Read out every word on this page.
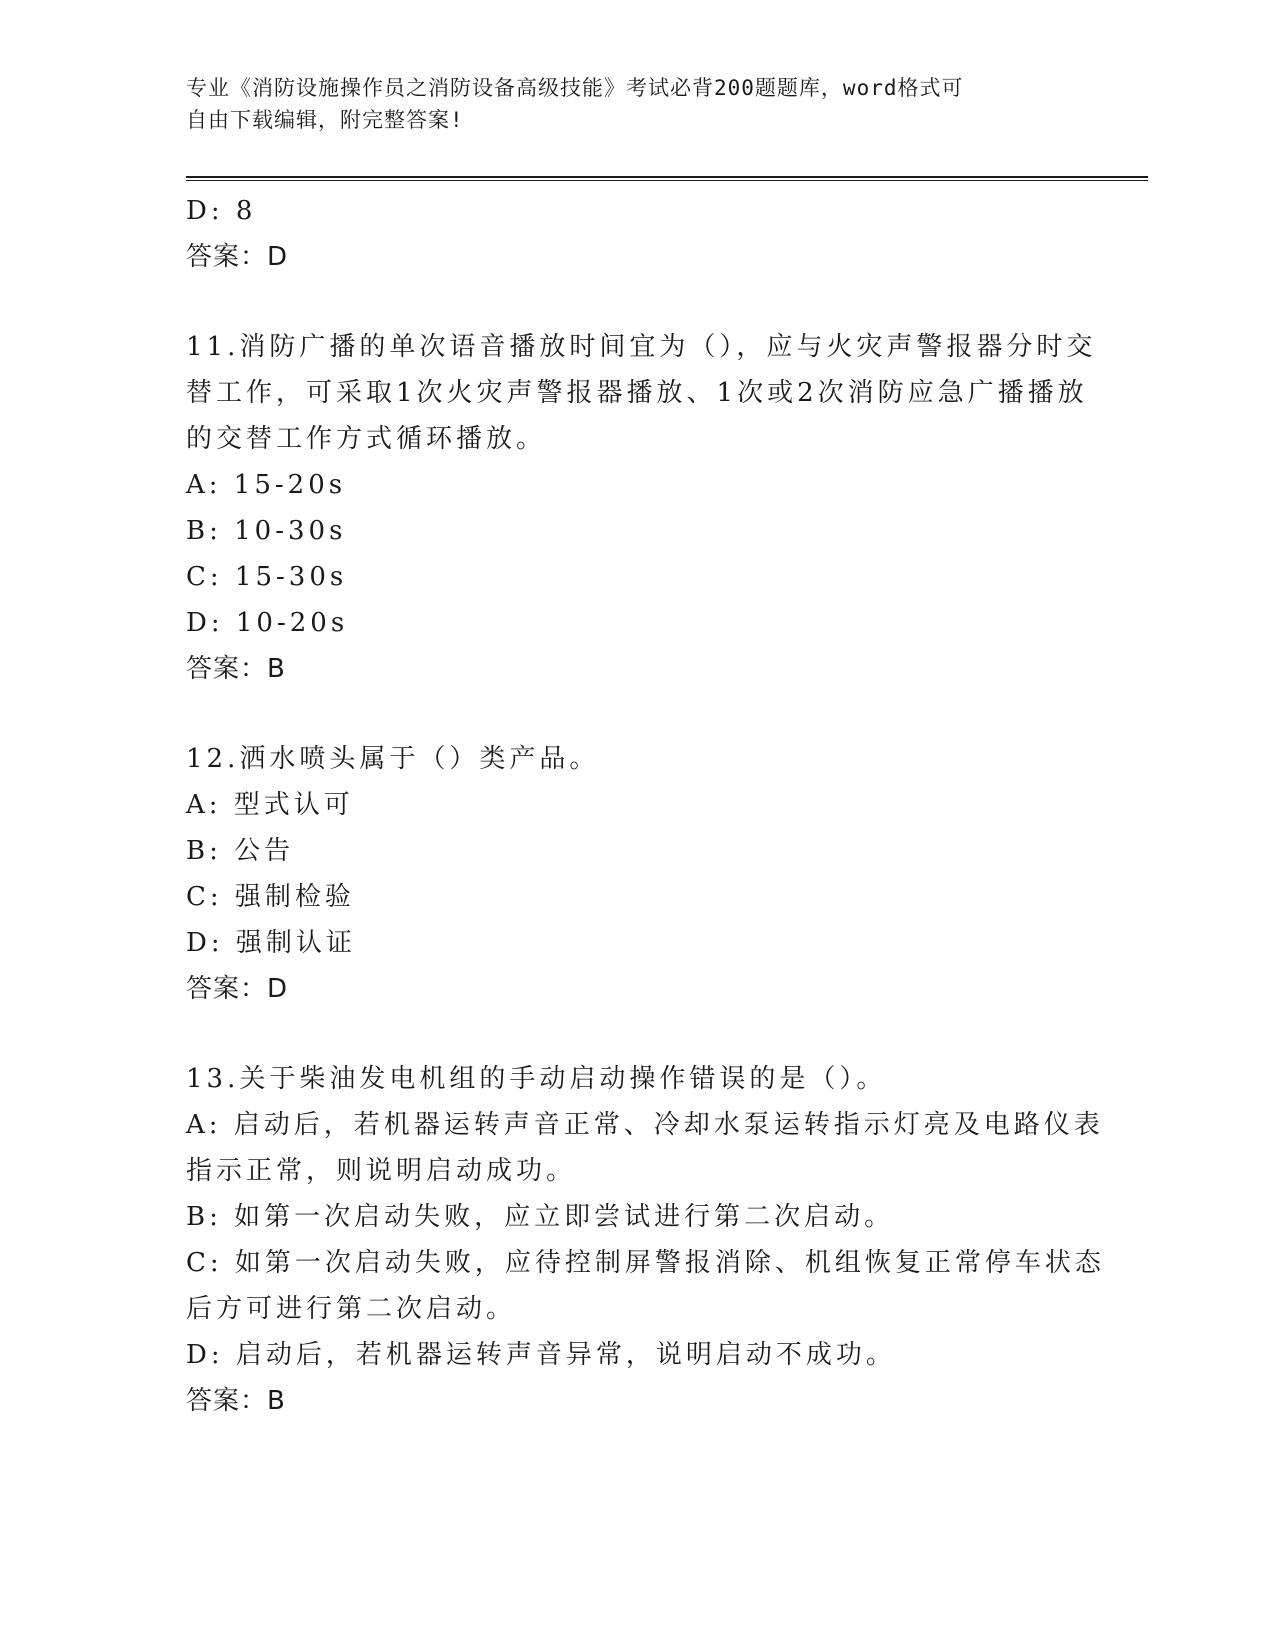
专业《消防设施操作员之消防设备高级技能》考试必背200题题库，word格式可
自由下载编辑，附完整答案!
D: 8
答案：D
11.消防广播的单次语音播放时间宜为（），应与火灾声警报器分时交
替工作，可采取1次火灾声警报器播放、1次或2次消防应急广播播放
的交替工作方式循环播放。
A: 15-20s
B: 10-30s
C: 15-30s
D: 10-20s
答案：B
12.洒水喷头属于（）类产品。
A: 型式认可
B: 公告
C: 强制检验
D: 强制认证
答案：D
13.关于柴油发电机组的手动启动操作错误的是（）。
A: 启动后，若机器运转声音正常、冷却水泵运转指示灯亮及电路仪表
指示正常，则说明启动成功。
B: 如第一次启动失败，应立即尝试进行第二次启动。
C: 如第一次启动失败，应待控制屏警报消除、机组恢复正常停车状态
后方可进行第二次启动。
D: 启动后，若机器运转声音异常，说明启动不成功。
答案：B
